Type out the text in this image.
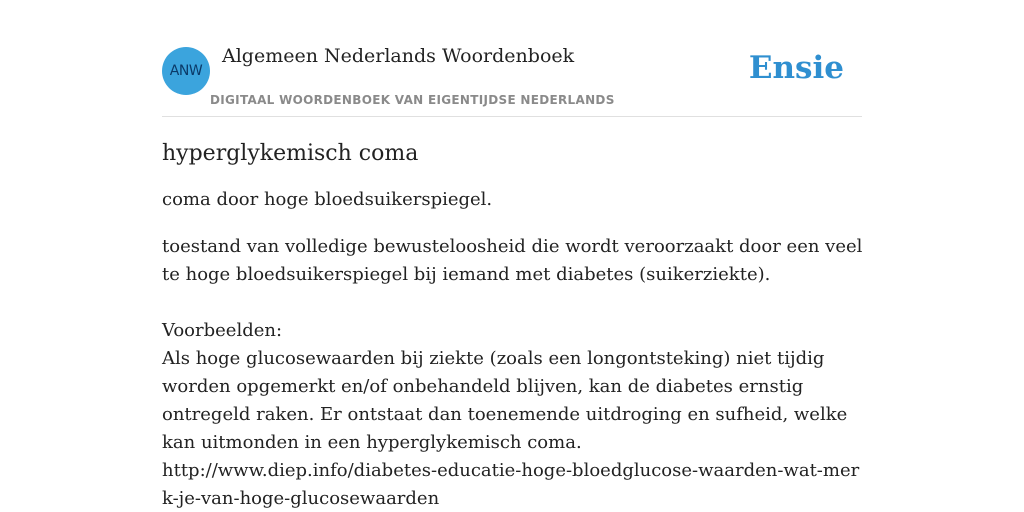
ANW
Algemeen Nederlands Woordenboek
DIGITAAL WOORDENBOEK VAN EIGENTIJDSE NEDERLANDS
Ensie
hyperglykemisch coma

coma door hoge bloedsuikerspiegel.

toestand van volledige bewusteloosheid die wordt veroorzaakt door een veel te hoge bloedsuikerspiegel bij iemand met diabetes (suikerziekte).
Voorbeelden:
Als hoge glucosewaarden bij ziekte (zoals een longontsteking) niet tijdig worden opgemerkt en/of onbehandeld blijven, kan de diabetes ernstig ontregeld raken. Er ontstaat dan toenemende uitdroging en sufheid, welke kan uitmonden in een hyperglykemisch coma.
http://www.diep.info/diabetes-educatie-hoge-bloedglucose-waarden-wat-merk-je-van-hoge-glucosewaarden
